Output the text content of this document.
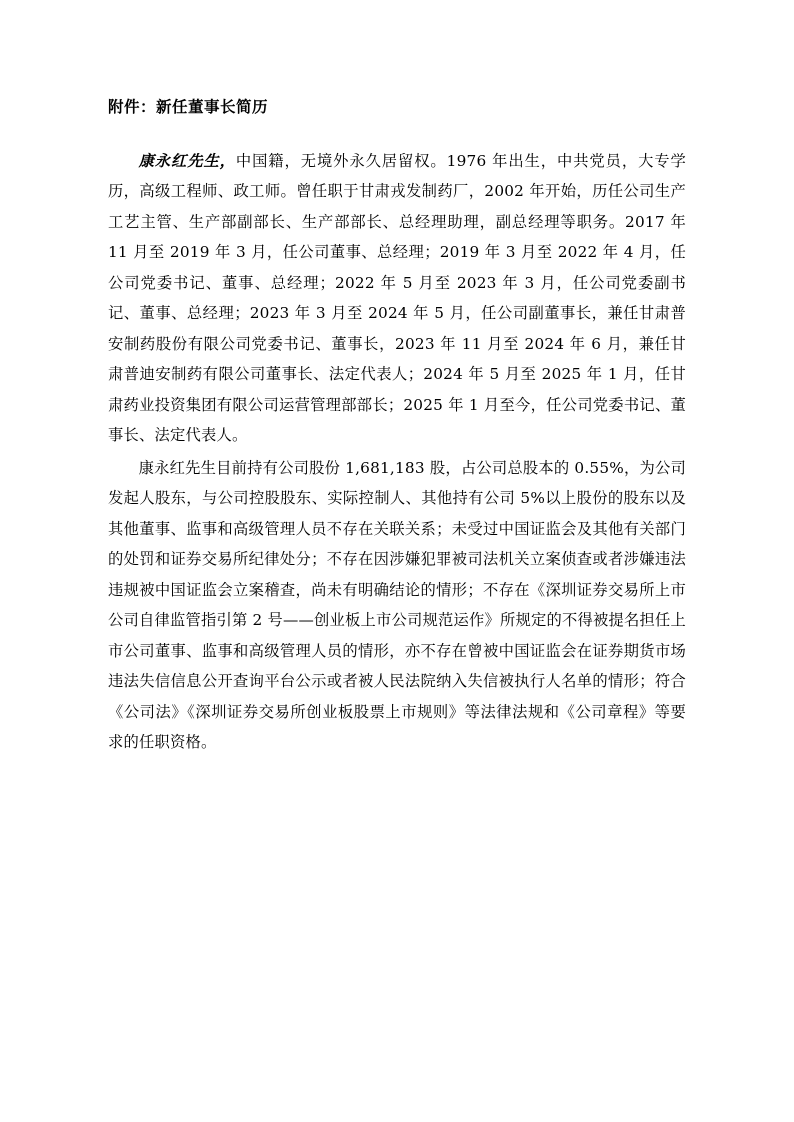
附件：新任董事长简历

康永红先生，中国籍，无境外永久居留权。1976 年出生，中共党员，大专学历，高级工程师、政工师。曾任职于甘肃戎发制药厂，2002 年开始，历任公司生产工艺主管、生产部副部长、生产部部长、总经理助理，副总经理等职务。2017 年 11 月至 2019 年 3 月，任公司董事、总经理；2019 年 3 月至 2022 年 4 月，任公司党委书记、董事、总经理；2022 年 5 月至 2023 年 3 月，任公司党委副书记、董事、总经理；2023 年 3 月至 2024 年 5 月，任公司副董事长，兼任甘肃普安制药股份有限公司党委书记、董事长，2023 年 11 月至 2024 年 6 月，兼任甘肃普迪安制药有限公司董事长、法定代表人；2024 年 5 月至 2025 年 1 月，任甘肃药业投资集团有限公司运营管理部部长；2025 年 1 月至今，任公司党委书记、董事长、法定代表人。

康永红先生目前持有公司股份 1,681,183 股，占公司总股本的 0.55%，为公司发起人股东，与公司控股股东、实际控制人、其他持有公司 5%以上股份的股东以及其他董事、监事和高级管理人员不存在关联关系；未受过中国证监会及其他有关部门的处罚和证券交易所纪律处分；不存在因涉嫌犯罪被司法机关立案侦查或者涉嫌违法违规被中国证监会立案稽查，尚未有明确结论的情形；不存在《深圳证券交易所上市公司自律监管指引第 2 号——创业板上市公司规范运作》所规定的不得被提名担任上市公司董事、监事和高级管理人员的情形，亦不存在曾被中国证监会在证券期货市场违法失信信息公开查询平台公示或者被人民法院纳入失信被执行人名单的情形；符合《公司法》《深圳证券交易所创业板股票上市规则》等法律法规和《公司章程》等要求的任职资格。
